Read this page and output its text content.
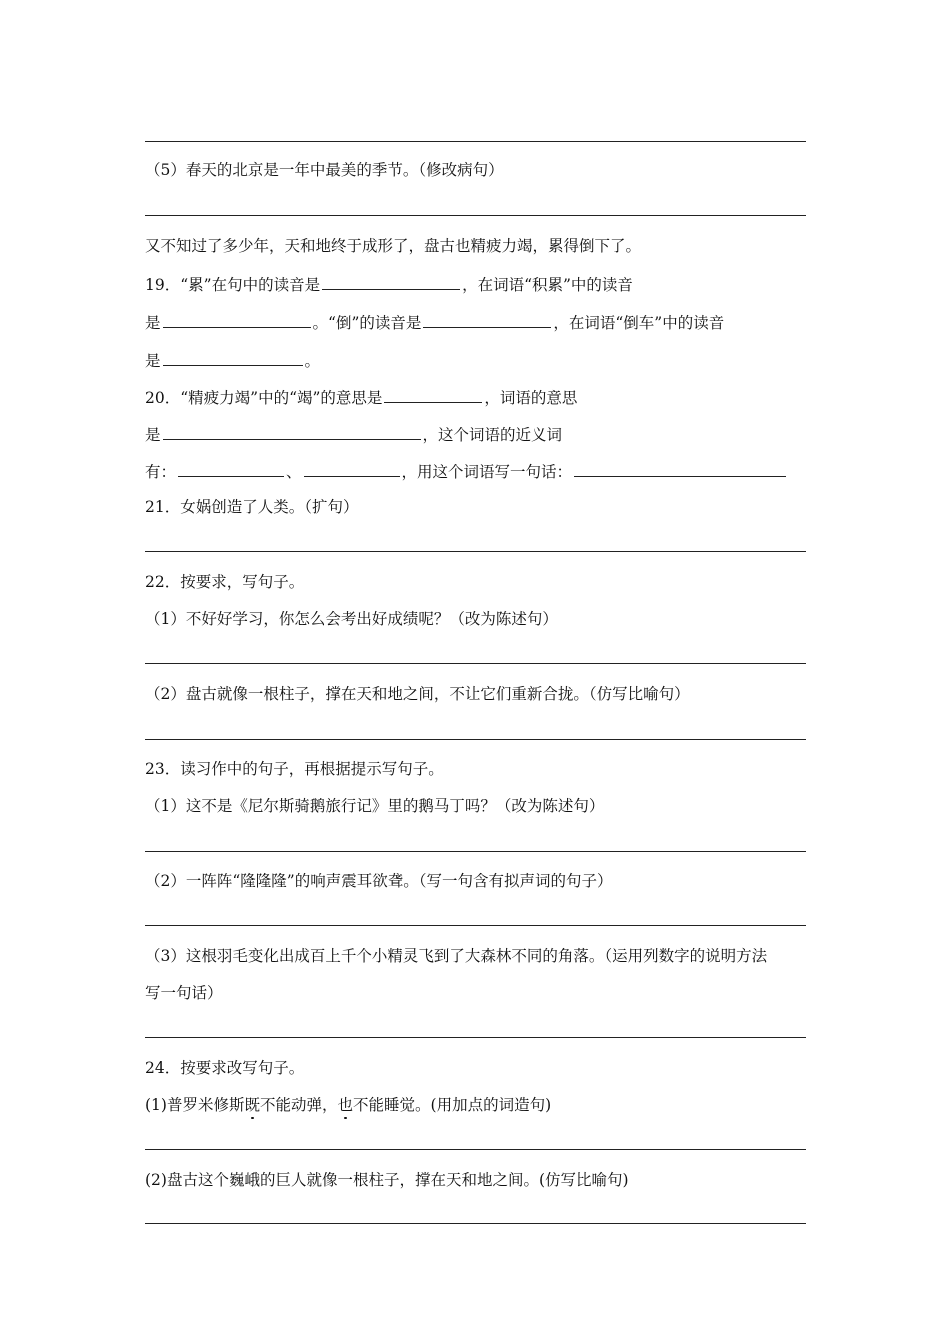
（5）春天的北京是一年中最美的季节。（修改病句）
又不知过了多少年，天和地终于成形了，盘古也精疲力竭，累得倒下了。
19．“累”在句中的读音是	，在词语“积累”中的读音
是	。“倒”的读音是	，在词语“倒车”中的读音
是	。
20．“精疲力竭”中的“竭”的意思是	，词语的意思
是	，这个词语的近义词
有：	、	，用这个词语写一句话：
21．女娲创造了人类。（扩句）
22．按要求，写句子。
（1）不好好学习，你怎么会考出好成绩呢？（改为陈述句）
（2）盘古就像一根柱子，撑在天和地之间，不让它们重新合拢。（仿写比喻句）
23．读习作中的句子，再根据提示写句子。
（1）这不是《尼尔斯骑鹅旅行记》里的鹅马丁吗？（改为陈述句）
（2）一阵阵“隆隆隆”的响声震耳欲聋。（写一句含有拟声词的句子）
（3）这根羽毛变化出成百上千个小精灵飞到了大森林不同的角落。（运用列数字的说明方法
写一句话）
24．按要求改写句子。
(1)普罗米修斯既不能动弹，也不能睡觉。(用加点的词造句)
(2)盘古这个巍峨的巨人就像一根柱子，撑在天和地之间。(仿写比喻句)
